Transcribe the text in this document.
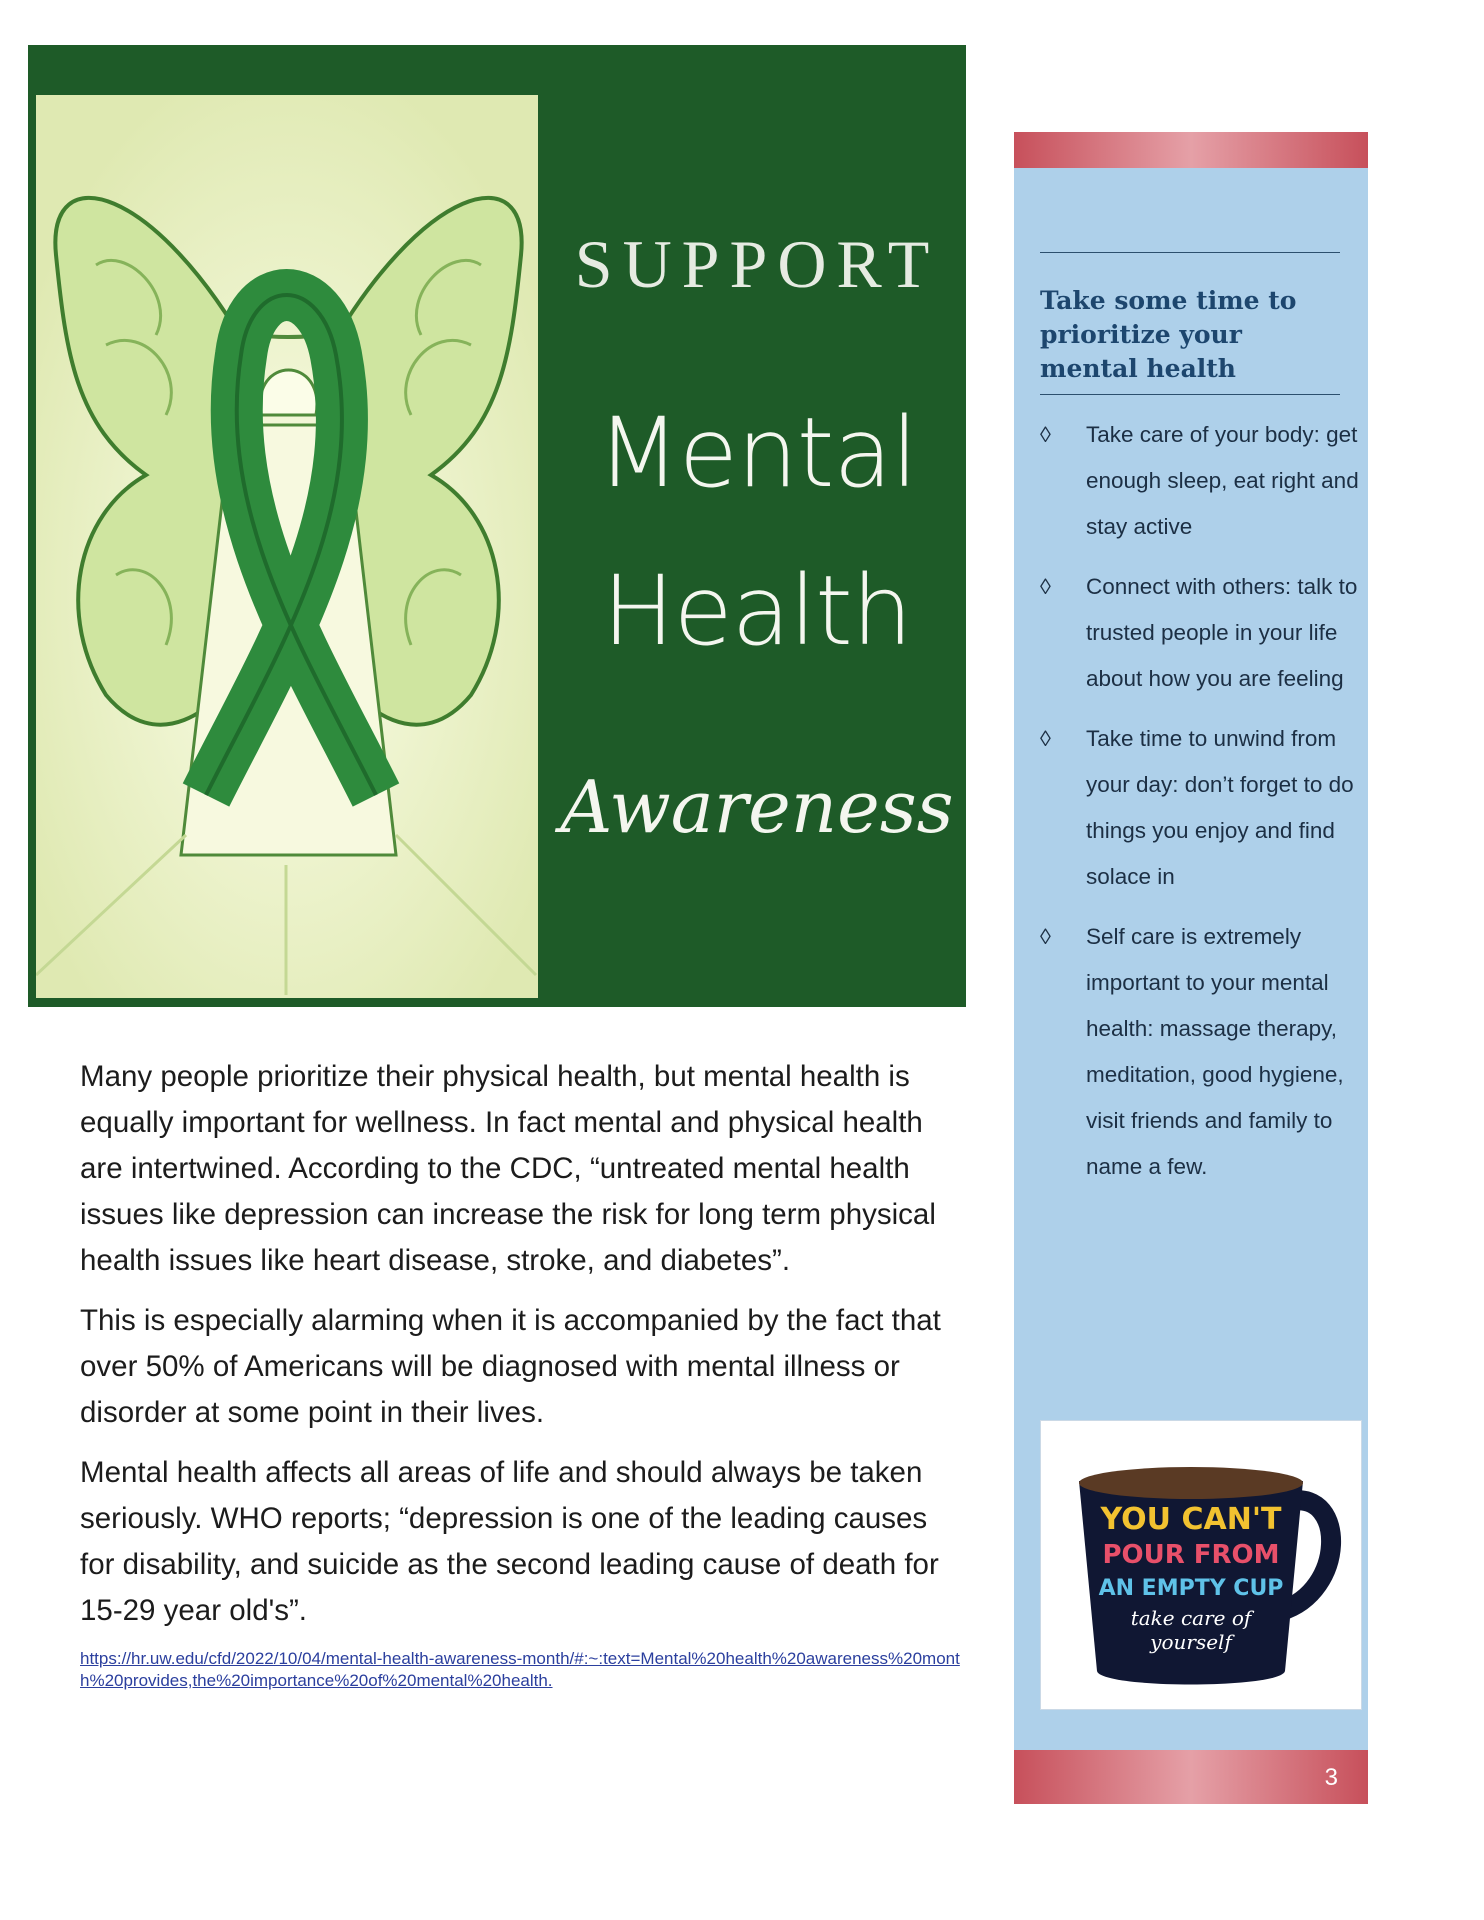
SUPPORT
Mental
Health
Awareness

Many people prioritize their physical health, but mental health is equally important for wellness. In fact mental and physical health are intertwined. According to the CDC, “untreated mental health issues like depression can increase the risk for long term physical health issues like heart disease, stroke, and diabetes”.

This is especially alarming when it is accompanied by the fact that over 50% of Americans will be diagnosed with mental illness or disorder at some point in their lives.

Mental health affects all areas of life and should always be taken seriously. WHO reports; “depression is one of the leading causes for disability, and suicide as the second leading cause of death for 15-29 year old's”.

https://hr.uw.edu/cfd/2022/10/04/mental-health-awareness-month/#:~:text=Mental%20health%20awareness%20month%20provides,the%20importance%20of%20mental%20health.
Take some time to prioritize your mental health
◊ Take care of your body: get enough sleep, eat right and stay active
◊ Connect with others: talk to trusted people in your life about how you are feeling
◊ Take time to unwind from your day: don’t forget to do things you enjoy and find solace in
◊ Self care is extremely important to your mental health: massage therapy, meditation, good hygiene, visit friends and family to name a few.
YOU CAN'T
POUR FROM
AN EMPTY CUP
take care of
yourself
3
